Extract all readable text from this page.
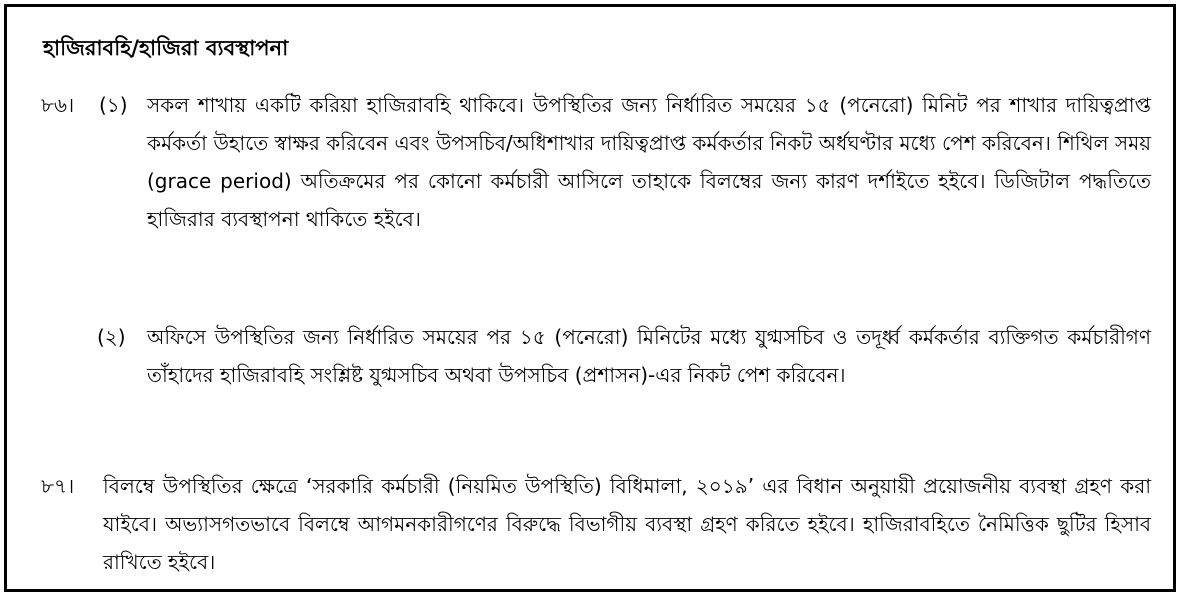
হাজিরাবহি/হাজিরা ব্যবস্থাপনা
৮৬। (১) সকল শাখায় একটি করিয়া হাজিরাবহি থাকিবে। উপস্থিতির জন্য নির্ধারিত সময়ের ১৫ (পনেরো) মিনিট পর শাখার দায়িত্বপ্রাপ্ত কর্মকর্তা উহাতে স্বাক্ষর করিবেন এবং উপসচিব/অধিশাখার দায়িত্বপ্রাপ্ত কর্মকর্তার নিকট অর্ধঘণ্টার মধ্যে পেশ করিবেন। শিথিল সময় (grace period) অতিক্রমের পর কোনো কর্মচারী আসিলে তাহাকে বিলম্বের জন্য কারণ দর্শাইতে হইবে। ডিজিটাল পদ্ধতিতে হাজিরার ব্যবস্থাপনা থাকিতে হইবে।
(২) অফিসে উপস্থিতির জন্য নির্ধারিত সময়ের পর ১৫ (পনেরো) মিনিটের মধ্যে যুগ্মসচিব ও তদূর্ধ্ব কর্মকর্তার ব্যক্তিগত কর্মচারীগণ তাঁহাদের হাজিরাবহি সংশ্লিষ্ট যুগ্মসচিব অথবা উপসচিব (প্রশাসন)-এর নিকট পেশ করিবেন।
৮৭। বিলম্বে উপস্থিতির ক্ষেত্রে ‘সরকারি কর্মচারী (নিয়মিত উপস্থিতি) বিধিমালা, ২০১৯’ এর বিধান অনুয়ায়ী প্রয়োজনীয় ব্যবস্থা গ্রহণ করা যাইবে। অভ্যাসগতভাবে বিলম্বে আগমনকারীগণের বিরুদ্ধে বিভাগীয় ব্যবস্থা গ্রহণ করিতে হইবে। হাজিরাবহিতে নৈমিত্তিক ছুটির হিসাব রাখিতে হইবে।
